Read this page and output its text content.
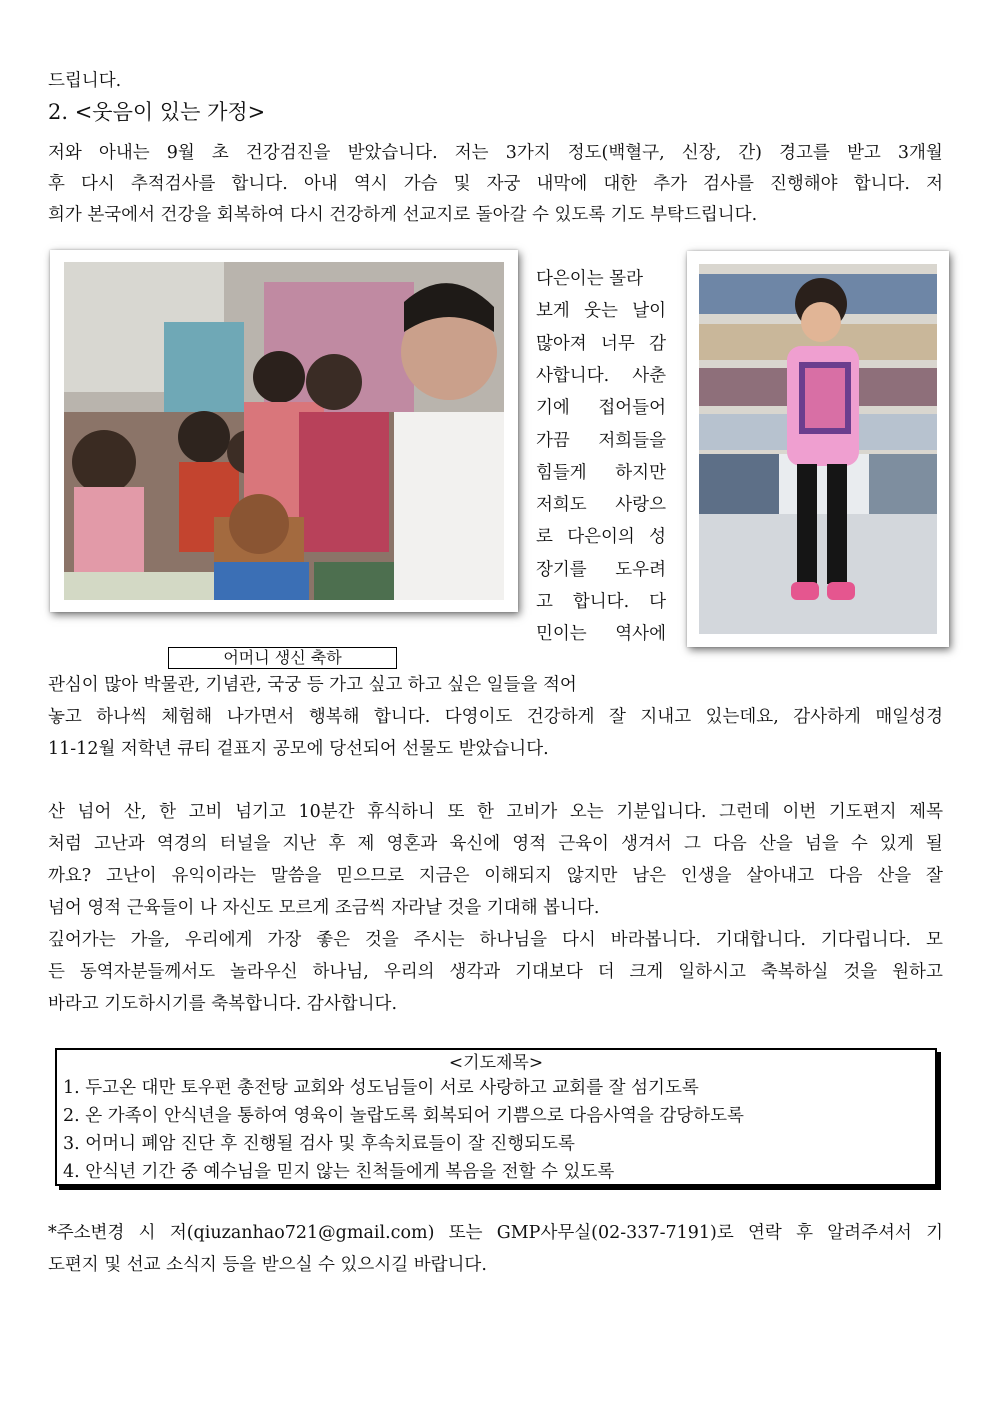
드립니다.
2. <웃음이 있는 가정>
저와 아내는 9월 초 건강검진을 받았습니다. 저는 3가지 정도(백혈구, 신장, 간) 경고를 받고 3개월
후 다시 추적검사를 합니다. 아내 역시 가슴 및 자궁 내막에 대한 추가 검사를 진행해야 합니다. 저
희가 본국에서 건강을 회복하여 다시 건강하게 선교지로 돌아갈 수 있도록 기도 부탁드립니다.
어머니 생신 축하
다은이는 몰라
보게 웃는 날이
많아져 너무 감
사합니다. 사춘
기에 접어들어
가끔 저희들을
힘들게 하지만
저희도 사랑으
로 다은이의 성
장기를 도우려
고 합니다. 다
민이는 역사에
관심이 많아 박물관, 기념관, 국궁 등 가고 싶고 하고 싶은 일들을 적어
놓고 하나씩 체험해 나가면서 행복해 합니다. 다영이도 건강하게 잘 지내고 있는데요, 감사하게 매일성경
11-12월 저학년 큐티 겉표지 공모에 당선되어 선물도 받았습니다.
산 넘어 산, 한 고비 넘기고 10분간 휴식하니 또 한 고비가 오는 기분입니다. 그런데 이번 기도편지 제목
처럼 고난과 역경의 터널을 지난 후 제 영혼과 육신에 영적 근육이 생겨서 그 다음 산을 넘을 수 있게 될
까요? 고난이 유익이라는 말씀을 믿으므로 지금은 이해되지 않지만 남은 인생을 살아내고 다음 산을 잘
넘어 영적 근육들이 나 자신도 모르게 조금씩 자라날 것을 기대해 봅니다.
깊어가는 가을, 우리에게 가장 좋은 것을 주시는 하나님을 다시 바라봅니다. 기대합니다. 기다립니다. 모
든 동역자분들께서도 놀라우신 하나님, 우리의 생각과 기대보다 더 크게 일하시고 축복하실 것을 원하고
바라고 기도하시기를 축복합니다. 감사합니다.
<기도제목>
1. 두고온 대만 토우펀 총전탕 교회와 성도님들이 서로 사랑하고 교회를 잘 섬기도록
2. 온 가족이 안식년을 통하여 영육이 놀랍도록 회복되어 기쁨으로 다음사역을 감당하도록
3. 어머니 폐암 진단 후 진행될 검사 및 후속치료들이 잘 진행되도록
4. 안식년 기간 중 예수님을 믿지 않는 친척들에게 복음을 전할 수 있도록
*주소변경 시 저(qiuzanhao721@gmail.com) 또는 GMP사무실(02-337-7191)로 연락 후 알려주셔서 기
도편지 및 선교 소식지 등을 받으실 수 있으시길 바랍니다.
